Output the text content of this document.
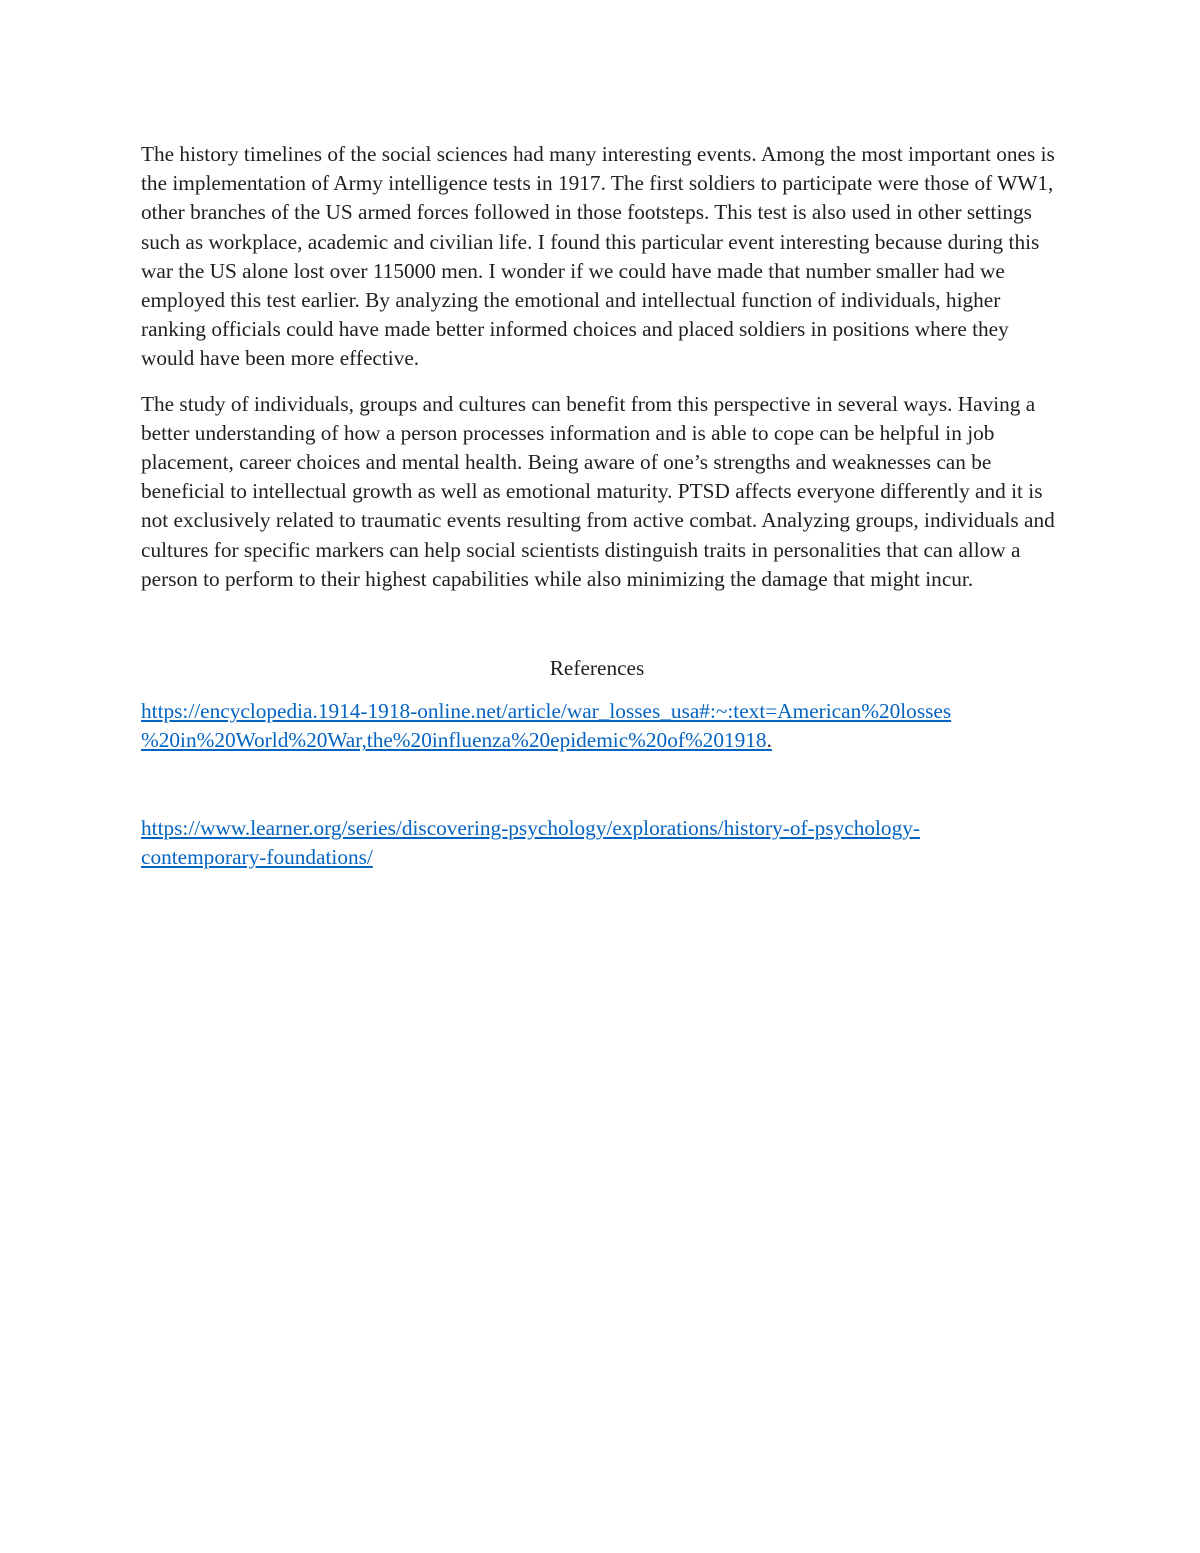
The history timelines of the social sciences had many interesting events. Among the most important ones is the implementation of Army intelligence tests in 1917. The first soldiers to participate were those of WW1, other branches of the US armed forces followed in those footsteps. This test is also used in other settings such as workplace, academic and civilian life. I found this particular event interesting because during this war the US alone lost over 115000 men. I wonder if we could have made that number smaller had we employed this test earlier. By analyzing the emotional and intellectual function of individuals, higher ranking officials could have made better informed choices and placed soldiers in positions where they would have been more effective.

The study of individuals, groups and cultures can benefit from this perspective in several ways. Having a better understanding of how a person processes information and is able to cope can be helpful in job placement, career choices and mental health. Being aware of one’s strengths and weaknesses can be beneficial to intellectual growth as well as emotional maturity. PTSD affects everyone differently and it is not exclusively related to traumatic events resulting from active combat. Analyzing groups, individuals and cultures for specific markers can help social scientists distinguish traits in personalities that can allow a person to perform to their highest capabilities while also minimizing the damage that might incur.

References
https://encyclopedia.1914-1918-online.net/article/war_losses_usa#:~:text=American%20losses
%20in%20World%20War,the%20influenza%20epidemic%20of%201918.
https://www.learner.org/series/discovering-psychology/explorations/history-of-psychology-
contemporary-foundations/
